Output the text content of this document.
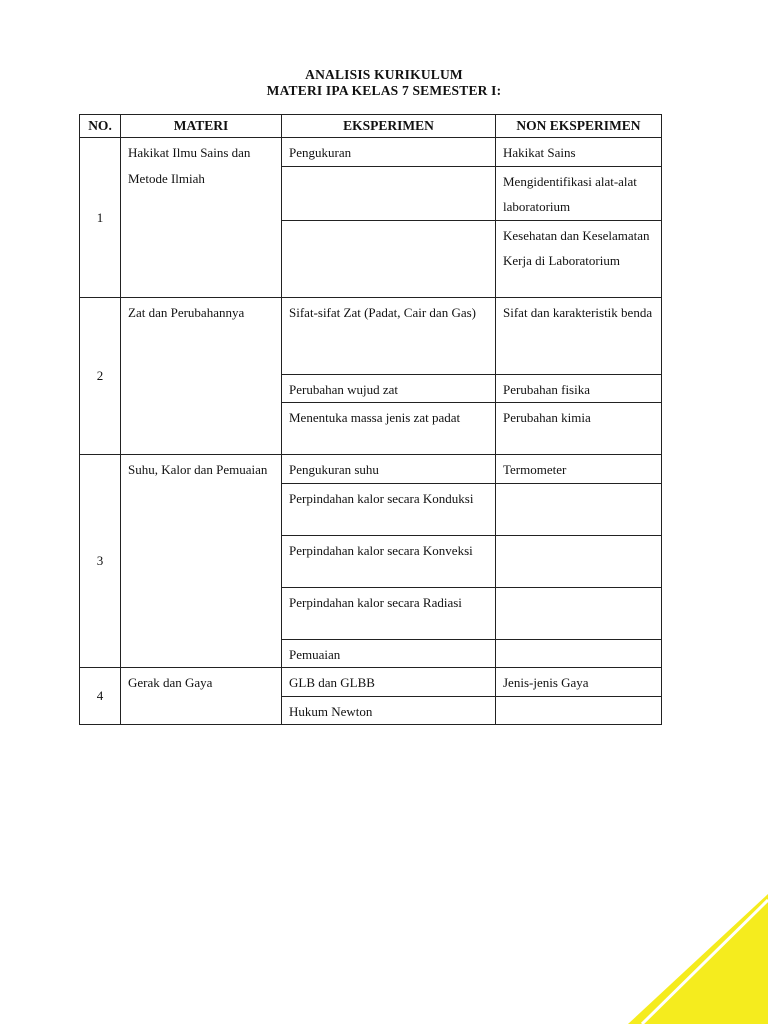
ANALISIS KURIKULUM
MATERI IPA KELAS 7 SEMESTER I:
NO.	MATERI	EKSPERIMEN	NON EKSPERIMEN
1	Hakikat Ilmu Sains dan Metode Ilmiah	Pengukuran	Hakikat Sains
			Mengidentifikasi alat-alat laboratorium
			Kesehatan dan Keselamatan Kerja di Laboratorium
2	Zat dan Perubahannya	Sifat-sifat Zat (Padat, Cair dan Gas)	Sifat dan karakteristik benda
		Perubahan wujud zat	Perubahan fisika
		Menentuka massa jenis zat padat	Perubahan kimia
3	Suhu, Kalor dan Pemuaian	Pengukuran suhu	Termometer
		Perpindahan kalor secara Konduksi	
		Perpindahan kalor secara Konveksi	
		Perpindahan kalor secara Radiasi	
		Pemuaian	
4	Gerak dan Gaya	GLB dan GLBB	Jenis-jenis Gaya
		Hukum Newton	
